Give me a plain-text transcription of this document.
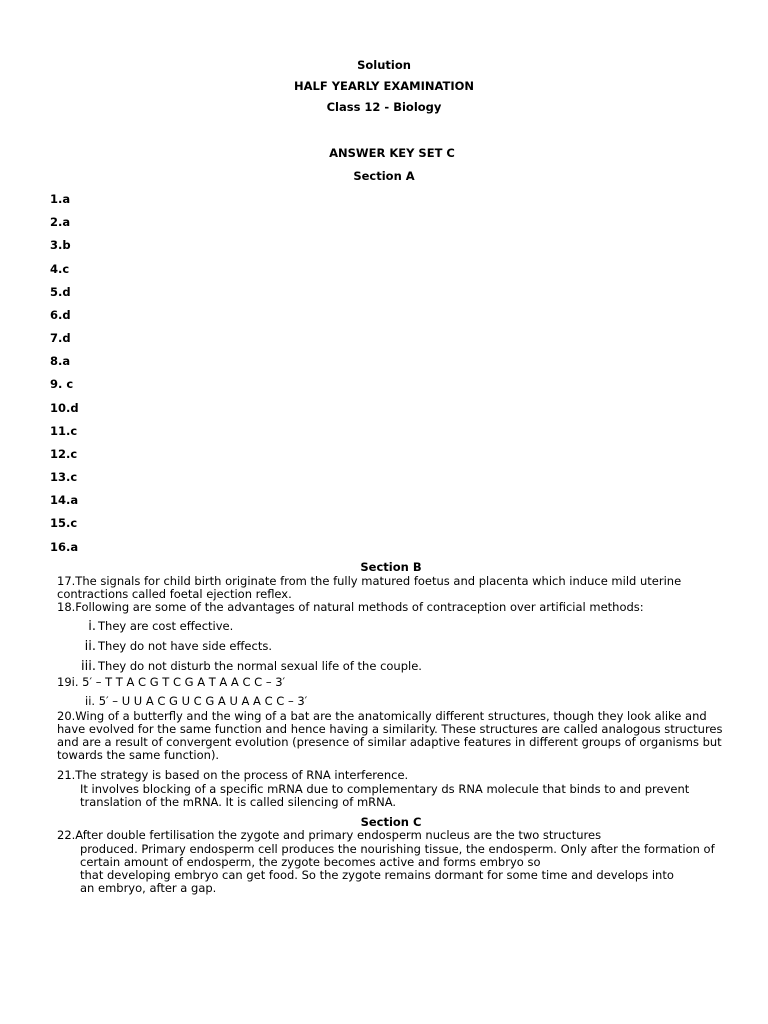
Solution
HALF YEARLY EXAMINATION
Class 12 - Biology
ANSWER KEY SET C
Section A
1.a
2.a
3.b
4.c
5.d
6.d
7.d
8.a
9. c
10.d
11.c
12.c
13.c
14.a
15.c
16.a
Section B
17.The signals for child birth originate from the fully matured foetus and placenta which induce mild uterine
contractions called foetal ejection reflex.
18.Following are some of the advantages of natural methods of contraception over artificial methods:
i. They are cost effective.
ii. They do not have side effects.
iii. They do not disturb the normal sexual life of the couple.
19i. 5′ – T T A C G T C G A T A A C C – 3′
ii. 5′ – U U A C G U C G A U A A C C – 3′
20.Wing of a butterfly and the wing of a bat are the anatomically different structures, though they look alike and
have evolved for the same function and hence having a similarity. These structures are called analogous structures
and are a result of convergent evolution (presence of similar adaptive features in different groups of organisms but
towards the same function).
21.The strategy is based on the process of RNA interference.
It involves blocking of a specific mRNA due to complementary ds RNA molecule that binds to and prevent
translation of the mRNA. It is called silencing of mRNA.
Section C
22.After double fertilisation the zygote and primary endosperm nucleus are the two structures
produced. Primary endosperm cell produces the nourishing tissue, the endosperm. Only after the formation of
certain amount of endosperm, the zygote becomes active and forms embryo so
that developing embryo can get food. So the zygote remains dormant for some time and develops into
an embryo, after a gap.
